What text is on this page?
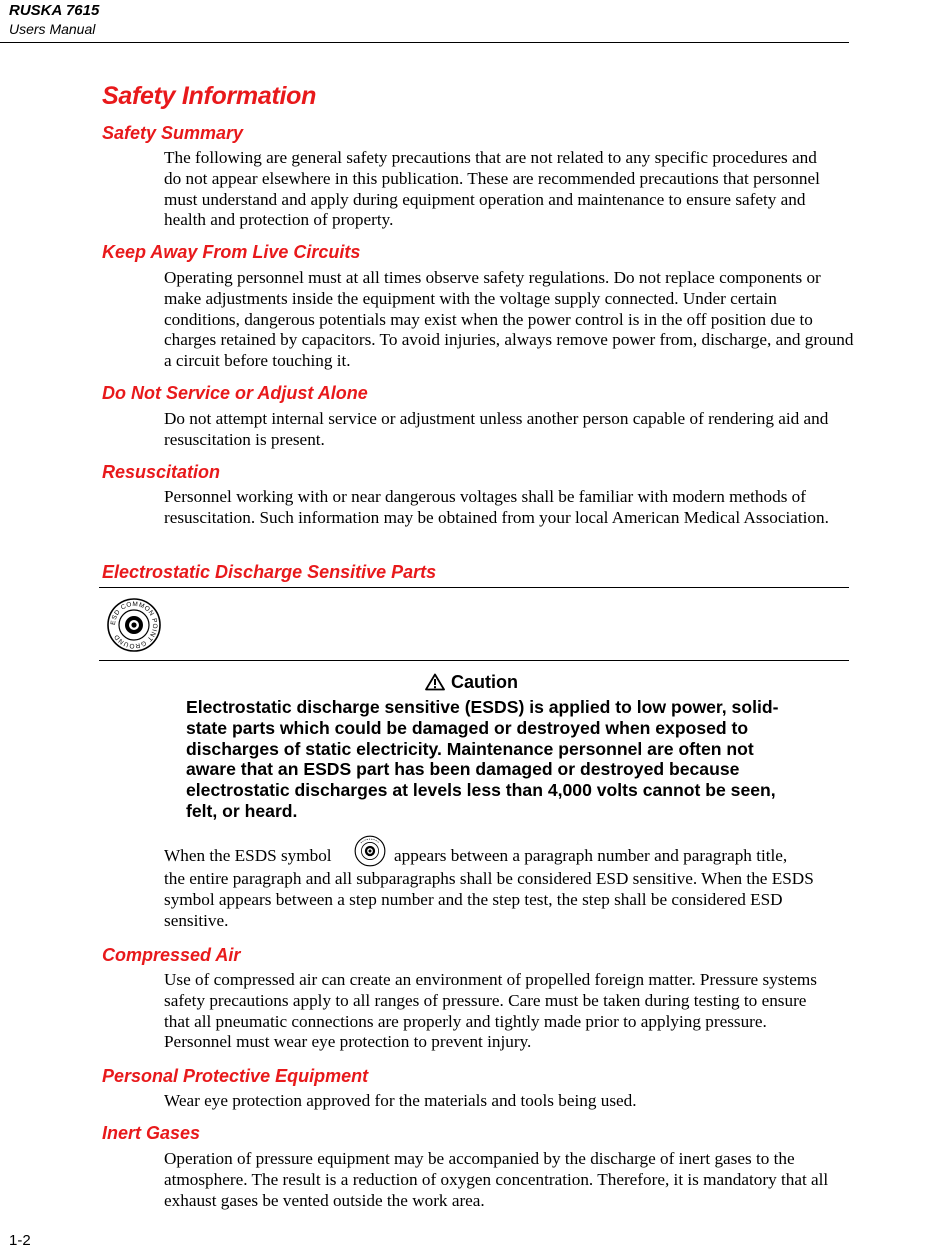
RUSKA 7615
Users Manual
Safety Information
Safety Summary

The following are general safety precautions that are not related to any specific procedures and do not appear elsewhere in this publication. These are recommended precautions that personnel must understand and apply during equipment operation and maintenance to ensure safety and health and protection of property.

Keep Away From Live Circuits

Operating personnel must at all times observe safety regulations. Do not replace components or make adjustments inside the equipment with the voltage supply connected. Under certain conditions, dangerous potentials may exist when the power control is in the off position due to charges retained by capacitors. To avoid injuries, always remove power from, discharge, and ground a circuit before touching it.

Do Not Service or Adjust Alone

Do not attempt internal service or adjustment unless another person capable of rendering aid and resuscitation is present.

Resuscitation

Personnel working with or near dangerous voltages shall be familiar with modern methods of resuscitation. Such information may be obtained from your local American Medical Association.

Electrostatic Discharge Sensitive Parts
ESD COMMON POINT GROUND
Caution

Electrostatic discharge sensitive (ESDS) is applied to low power, solid-state parts which could be damaged or destroyed when exposed to discharges of static electricity. Maintenance personnel are often not aware that an ESDS part has been damaged or destroyed because electrostatic discharges at levels less than 4,000 volts cannot be seen, felt, or heard.

When the ESDS symbol	appears between a paragraph number and paragraph title,

the entire paragraph and all subparagraphs shall be considered ESD sensitive. When the ESDS symbol appears between a step number and the step test, the step shall be considered ESD sensitive.

Compressed Air

Use of compressed air can create an environment of propelled foreign matter. Pressure systems safety precautions apply to all ranges of pressure. Care must be taken during testing to ensure that all pneumatic connections are properly and tightly made prior to applying pressure. Personnel must wear eye protection to prevent injury.

Personal Protective Equipment

Wear eye protection approved for the materials and tools being used.

Inert Gases

Operation of pressure equipment may be accompanied by the discharge of inert gases to the atmosphere. The result is a reduction of oxygen concentration. Therefore, it is mandatory that all exhaust gases be vented outside the work area.

1-2
